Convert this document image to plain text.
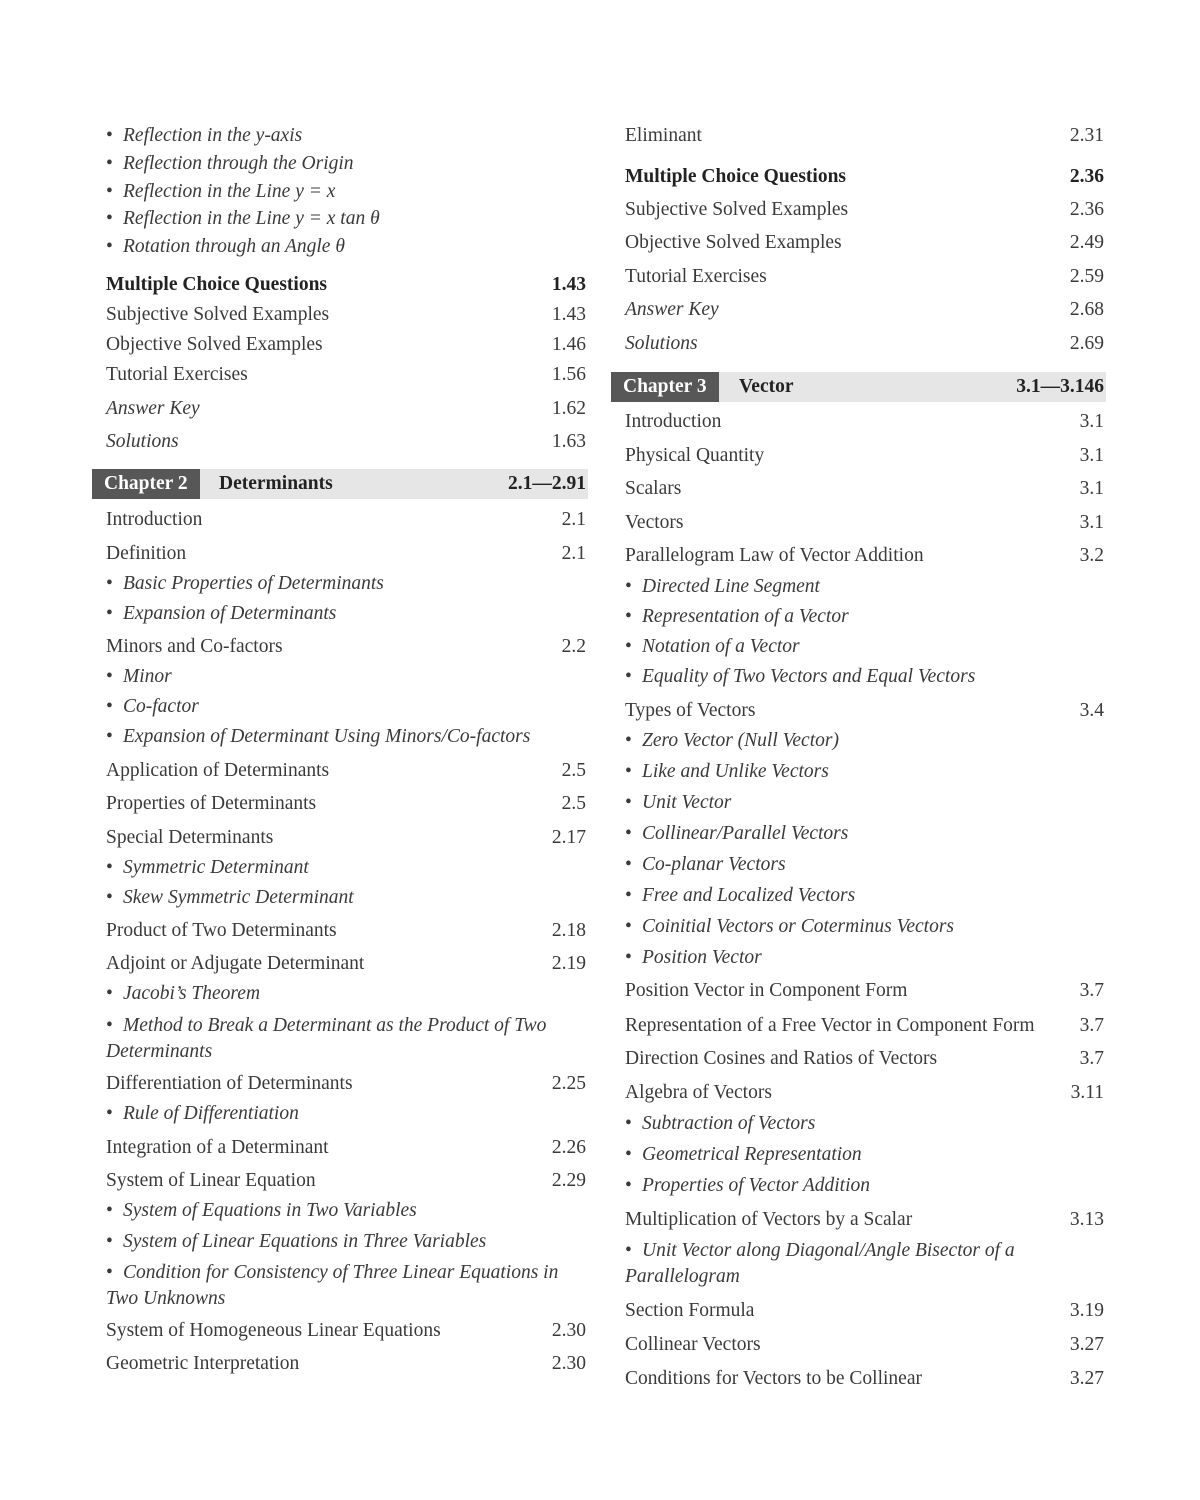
• Reflection in the y-axis
• Reflection through the Origin
• Reflection in the Line y = x
• Reflection in the Line y = x tan θ
• Rotation through an Angle θ
Multiple Choice Questions	1.43
Subjective Solved Examples	1.43
Objective Solved Examples	1.46
Tutorial Exercises	1.56
Answer Key	1.62
Solutions	1.63
Chapter 2	Determinants	2.1—2.91
Introduction	2.1
Definition	2.1
• Basic Properties of Determinants
• Expansion of Determinants
Minors and Co-factors	2.2
• Minor
• Co-factor
• Expansion of Determinant Using Minors/Co-factors
Application of Determinants	2.5
Properties of Determinants	2.5
Special Determinants	2.17
• Symmetric Determinant
• Skew Symmetric Determinant
Product of Two Determinants	2.18
Adjoint or Adjugate Determinant	2.19
• Jacobi’s Theorem
• Method to Break a Determinant as the Product of Two Determinants
Differentiation of Determinants	2.25
• Rule of Differentiation
Integration of a Determinant	2.26
System of Linear Equation	2.29
• System of Equations in Two Variables
• System of Linear Equations in Three Variables
• Condition for Consistency of Three Linear Equations in Two Unknowns
System of Homogeneous Linear Equations	2.30
Geometric Interpretation	2.30
Eliminant	2.31
Multiple Choice Questions	2.36
Subjective Solved Examples	2.36
Objective Solved Examples	2.49
Tutorial Exercises	2.59
Answer Key	2.68
Solutions	2.69
Chapter 3	Vector	3.1—3.146
Introduction	3.1
Physical Quantity	3.1
Scalars	3.1
Vectors	3.1
Parallelogram Law of Vector Addition	3.2
• Directed Line Segment
• Representation of a Vector
• Notation of a Vector
• Equality of Two Vectors and Equal Vectors
Types of Vectors	3.4
• Zero Vector (Null Vector)
• Like and Unlike Vectors
• Unit Vector
• Collinear/Parallel Vectors
• Co-planar Vectors
• Free and Localized Vectors
• Coinitial Vectors or Coterminus Vectors
• Position Vector
Position Vector in Component Form	3.7
Representation of a Free Vector in Component Form	3.7
Direction Cosines and Ratios of Vectors	3.7
Algebra of Vectors	3.11
• Subtraction of Vectors
• Geometrical Representation
• Properties of Vector Addition
Multiplication of Vectors by a Scalar	3.13
• Unit Vector along Diagonal/Angle Bisector of a Parallelogram
Section Formula	3.19
Collinear Vectors	3.27
Conditions for Vectors to be Collinear	3.27
